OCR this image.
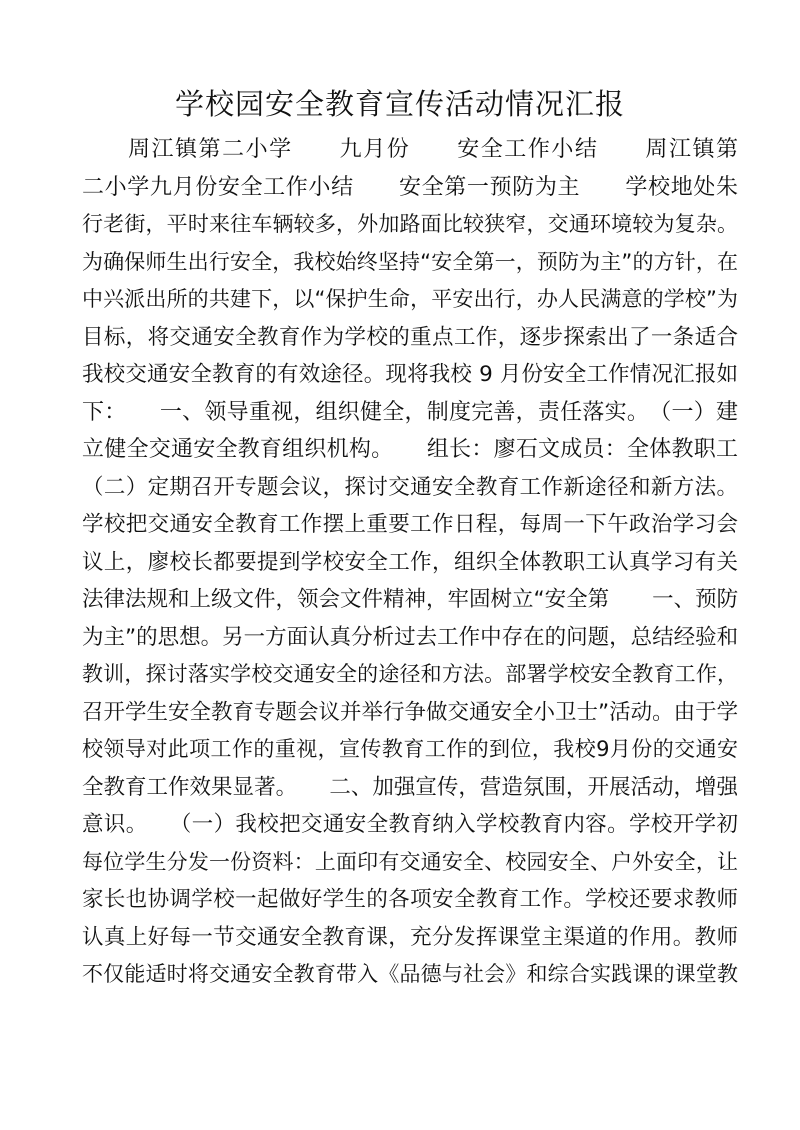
学校园安全教育宣传活动情况汇报
周江镇第二小学　　九月份　　安全工作小结　　周江镇第
二小学九月份安全工作小结　　安全第一预防为主　　学校地处朱
行老街，平时来往车辆较多，外加路面比较狭窄，交通环境较为复杂。
为确保师生出行安全，我校始终坚持“安全第一，预防为主”的方针，在
中兴派出所的共建下，以“保护生命，平安出行，办人民满意的学校”为
目标，将交通安全教育作为学校的重点工作，逐步探索出了一条适合
我校交通安全教育的有效途径。现将我校 9 月份安全工作情况汇报如
下：　　一、领导重视，组织健全，制度完善，责任落实。　（一）建
立健全交通安全教育组织机构。　　组长：廖石文成员：全体教职工
（二）定期召开专题会议，探讨交通安全教育工作新途径和新方法。
学校把交通安全教育工作摆上重要工作日程，每周一下午政治学习会
议上，廖校长都要提到学校安全工作，组织全体教职工认真学习有关
法律法规和上级文件，领会文件精神，牢固树立“安全第　　一、预防
为主”的思想。另一方面认真分析过去工作中存在的问题，总结经验和
教训，探讨落实学校交通安全的途径和方法。部署学校安全教育工作，
召开学生安全教育专题会议并举行争做交通安全小卫士”活动。由于学
校领导对此项工作的重视，宣传教育工作的到位，我校9月份的交通安
全教育工作效果显著。　　二、加强宣传，营造氛围，开展活动，增强
意识。　　（一）我校把交通安全教育纳入学校教育内容。学校开学初
每位学生分发一份资料：上面印有交通安全、校园安全、户外安全，让
家长也协调学校一起做好学生的各项安全教育工作。学校还要求教师
认真上好每一节交通安全教育课，充分发挥课堂主渠道的作用。教师
不仅能适时将交通安全教育带入《品德与社会》和综合实践课的课堂教
